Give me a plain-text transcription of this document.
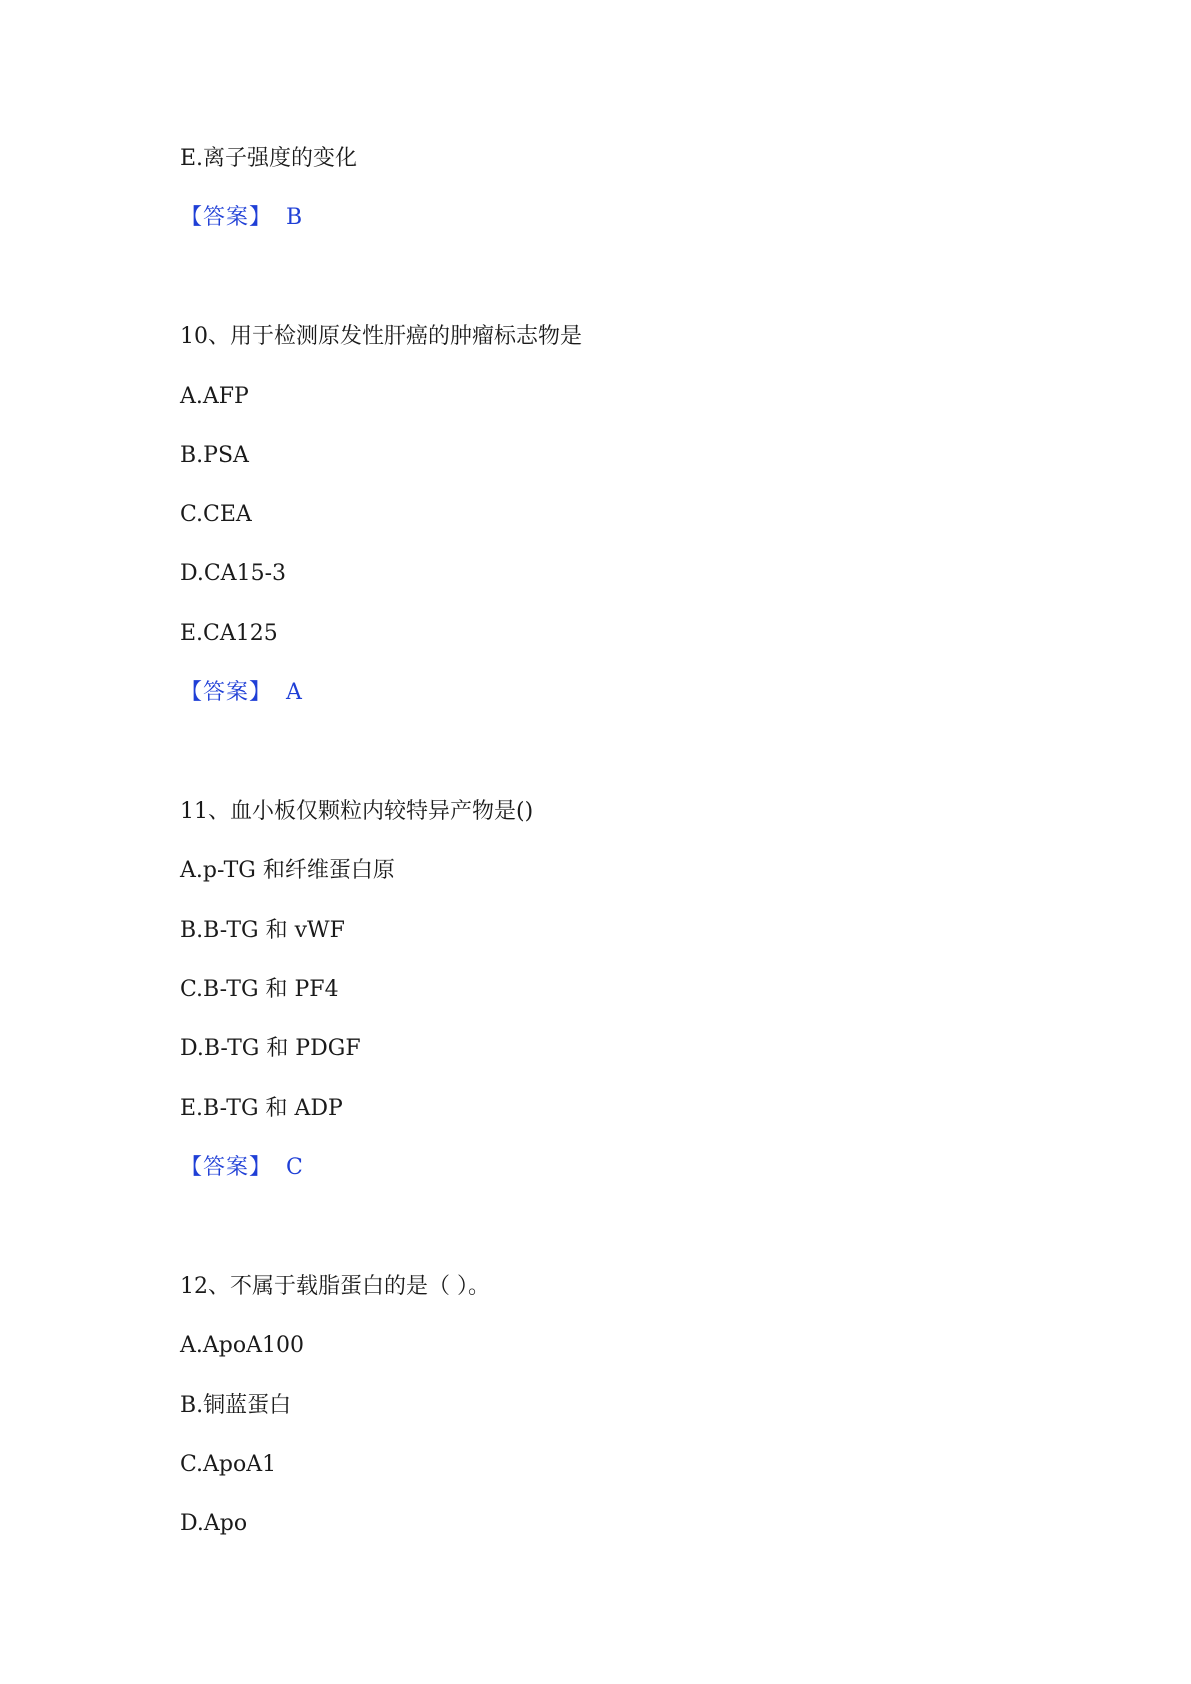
E.离子强度的变化
【答案】 B
10、用于检测原发性肝癌的肿瘤标志物是
A.AFP
B.PSA
C.CEA
D.CA15-3
E.CA125
【答案】 A
11、血小板仅颗粒内较特异产物是()
A.p-TG 和纤维蛋白原
B.B-TG 和 vWF
C.B-TG 和 PF4
D.B-TG 和 PDGF
E.B-TG 和 ADP
【答案】 C
12、不属于载脂蛋白的是（ ）。
A.ApoA100
B.铜蓝蛋白
C.ApoA1
D.Apo
